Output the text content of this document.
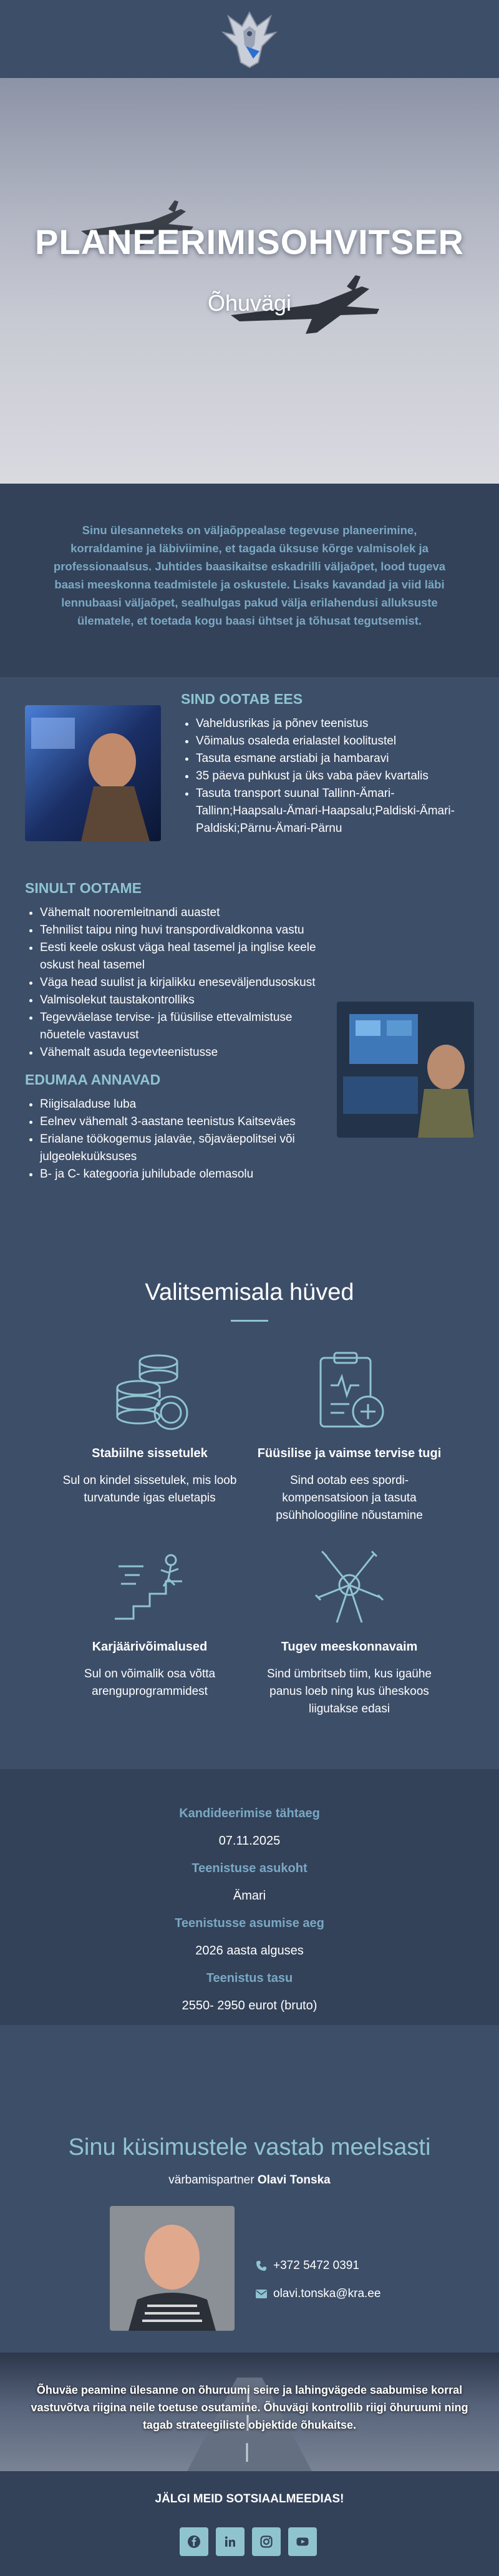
PLANEERIMISOHVITSER
Õhuvägi

Sinu ülesanneteks on väljaõppealase tegevuse planeerimine, korraldamine ja läbiviimine, et tagada üksuse kõrge valmisolek ja professionaalsus. Juhtides baasikaitse eskadrilli väljaõpet, lood tugeva baasi meeskonna teadmistele ja oskustele. Lisaks kavandad ja viid läbi lennubaasi väljaõpet, sealhulgas pakud välja erilahendusi alluksuste ülematele, et toetada kogu baasi ühtset ja tõhusat tegutsemist.

SIND OOTAB EES
• Vaheldusrikas ja põnev teenistus
• Võimalus osaleda erialastel koolitustel
• Tasuta esmane arstiabi ja hambaravi
• 35 päeva puhkust ja üks vaba päev kvartalis
• Tasuta transport suunal Tallinn-Ämari-Tallinn;Haapsalu-Ämari-Haapsalu;Paldiski-Ämari-Paldiski;Pärnu-Ämari-Pärnu
SINULT OOTAME
• Vähemalt nooremleitnandi auastet
• Tehnilist taipu ning huvi transpordivaldkonna vastu
• Eesti keele oskust väga heal tasemel ja inglise keele oskust heal tasemel
• Väga head suulist ja kirjalikku eneseväljendusoskust
• Valmisolekut taustakontrolliks
• Tegevväelase tervise- ja füüsilise ettevalmistuse nõuetele vastavust
• Vähemalt asuda tegevteenistusse
EDUMAA ANNAVAD
• Riigisaladuse luba
• Eelnev vähemalt 3-aastane teenistus Kaitseväes
• Erialane töökogemus jalaväe, sõjaväepolitsei või julgeolekuüksuses
• B- ja C- kategooria juhilubade olemasolu
Valitsemisala hüved
Stabiilne sissetulek
Sul on kindel sissetulek, mis loob turvatunde igas eluetapis
Füüsilise ja vaimse tervise tugi
Sind ootab ees spordi-kompensatsioon ja tasuta psühholoogiline nõustamine
Karjäärivõimalused
Sul on võimalik osa võtta arenguprogrammidest
Tugev meeskonnavaim
Sind ümbritseb tiim, kus igaühe panus loeb ning kus üheskoos liigutakse edasi
Kandideerimise tähtaeg
07.11.2025
Teenistuse asukoht
Ämari
Teenistusse asumise aeg
2026 aasta alguses
Teenistus tasu
2550- 2950 eurot (bruto)
Sinu küsimustele vastab meelsasti
värbamispartner Olavi Tonska
+372 5472 0391
olavi.tonska@kra.ee

Õhuväe peamine ülesanne on õhuruumi seire ja lahingvägede saabumise korral vastuvõtva riigina neile toetuse osutamine. Õhuvägi kontrollib riigi õhuruumi ning tagab strateegiliste objektide õhukaitse.

JÄLGI MEID SOTSIAALMEEDIAS!
